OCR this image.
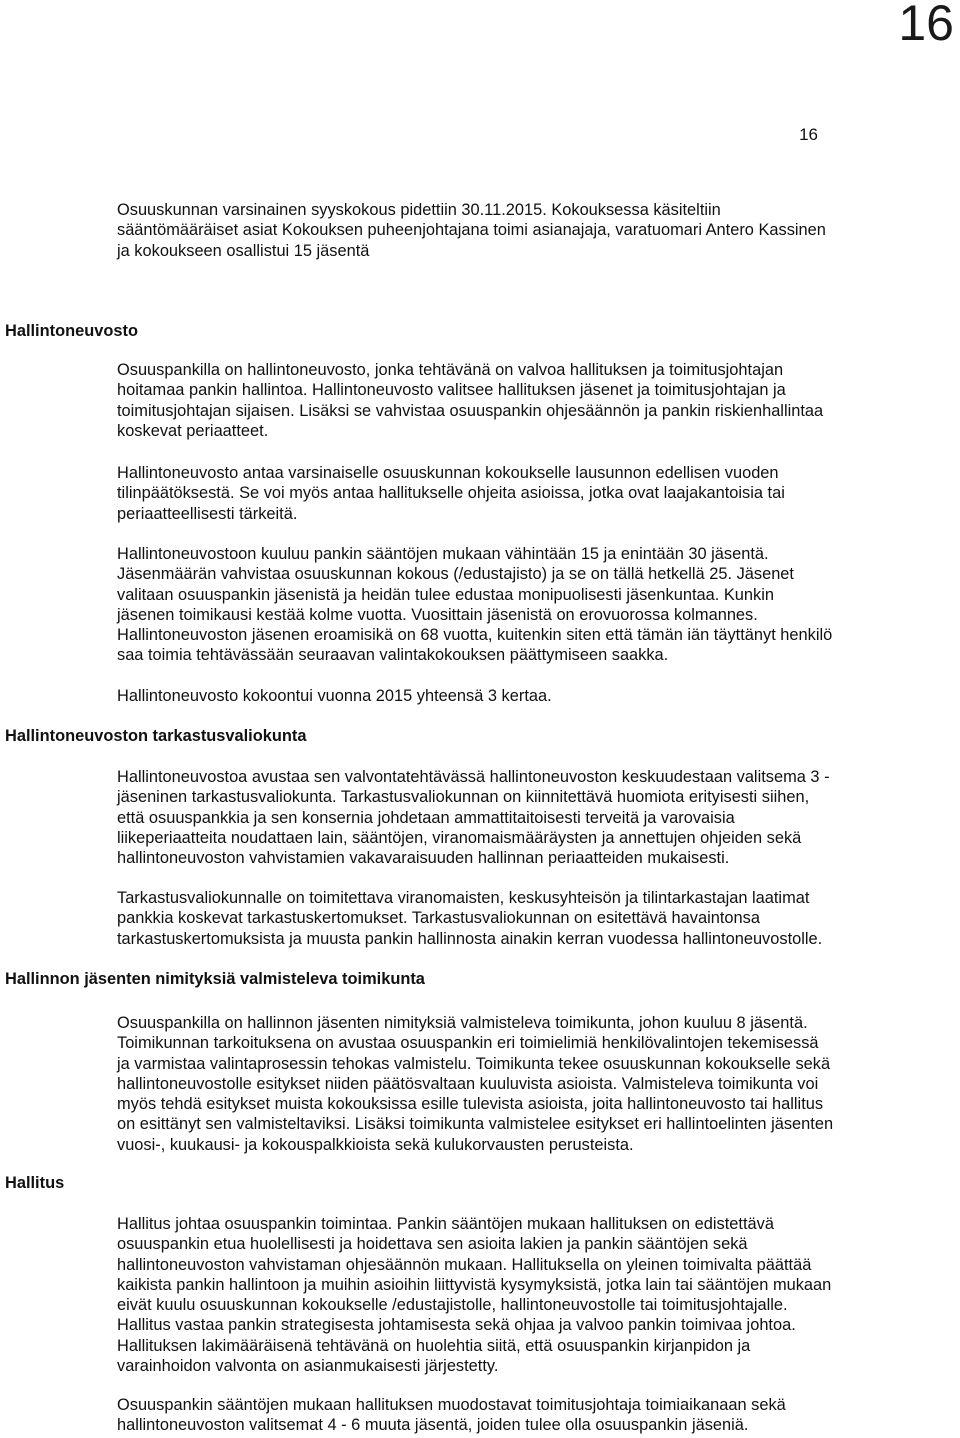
16
16

Osuuskunnan varsinainen syyskokous pidettiin 30.11.2015. Kokouksessa käsiteltiin

sääntömääräiset asiat Kokouksen puheenjohtajana toimi asianajaja, varatuomari Antero Kassinen

ja kokoukseen osallistui 15 jäsentä

Hallintoneuvosto

Osuuspankilla on hallintoneuvosto, jonka tehtävänä on valvoa hallituksen ja toimitusjohtajan

hoitamaa pankin hallintoa. Hallintoneuvosto valitsee hallituksen jäsenet ja toimitusjohtajan ja

toimitusjohtajan sijaisen. Lisäksi se vahvistaa osuuspankin ohjesäännön ja pankin riskienhallintaa

koskevat periaatteet.

Hallintoneuvosto antaa varsinaiselle osuuskunnan kokoukselle lausunnon edellisen vuoden

tilinpäätöksestä. Se voi myös antaa hallitukselle ohjeita asioissa, jotka ovat laajakantoisia tai

periaatteellisesti tärkeitä.

Hallintoneuvostoon kuuluu pankin sääntöjen mukaan vähintään 15 ja enintään 30 jäsentä.

Jäsenmäärän vahvistaa osuuskunnan kokous (/edustajisto) ja se on tällä hetkellä 25. Jäsenet

valitaan osuuspankin jäsenistä ja heidän tulee edustaa monipuolisesti jäsenkuntaa. Kunkin

jäsenen toimikausi kestää kolme vuotta. Vuosittain jäsenistä on erovuorossa kolmannes.

Hallintoneuvoston jäsenen eroamisikä on 68 vuotta, kuitenkin siten että tämän iän täyttänyt henkilö

saa toimia tehtävässään seuraavan valintakokouksen päättymiseen saakka.

Hallintoneuvosto kokoontui vuonna 2015 yhteensä 3 kertaa.

Hallintoneuvoston tarkastusvaliokunta

Hallintoneuvostoa avustaa sen valvontatehtävässä hallintoneuvoston keskuudestaan valitsema 3 -

jäseninen tarkastusvaliokunta. Tarkastusvaliokunnan on kiinnitettävä huomiota erityisesti siihen,

että osuuspankkia ja sen konsernia johdetaan ammattitaitoisesti terveitä ja varovaisia

liikeperiaatteita noudattaen lain, sääntöjen, viranomaismääräysten ja annettujen ohjeiden sekä

hallintoneuvoston vahvistamien vakavaraisuuden hallinnan periaatteiden mukaisesti.

Tarkastusvaliokunnalle on toimitettava viranomaisten, keskusyhteisön ja tilintarkastajan laatimat

pankkia koskevat tarkastuskertomukset. Tarkastusvaliokunnan on esitettävä havaintonsa

tarkastuskertomuksista ja muusta pankin hallinnosta ainakin kerran vuodessa hallintoneuvostolle.

Hallinnon jäsenten nimityksiä valmisteleva toimikunta

Osuuspankilla on hallinnon jäsenten nimityksiä valmisteleva toimikunta, johon kuuluu 8 jäsentä.

Toimikunnan tarkoituksena on avustaa osuuspankin eri toimielimiä henkilövalintojen tekemisessä

ja varmistaa valintaprosessin tehokas valmistelu. Toimikunta tekee osuuskunnan kokoukselle sekä

hallintoneuvostolle esitykset niiden päätösvaltaan kuuluvista asioista. Valmisteleva toimikunta voi

myös tehdä esitykset muista kokouksissa esille tulevista asioista, joita hallintoneuvosto tai hallitus

on esittänyt sen valmisteltaviksi. Lisäksi toimikunta valmistelee esitykset eri hallintoelinten jäsenten

vuosi-, kuukausi- ja kokouspalkkioista sekä kulukorvausten perusteista.

Hallitus

Hallitus johtaa osuuspankin toimintaa. Pankin sääntöjen mukaan hallituksen on edistettävä

osuuspankin etua huolellisesti ja hoidettava sen asioita lakien ja pankin sääntöjen sekä

hallintoneuvoston vahvistaman ohjesäännön mukaan. Hallituksella on yleinen toimivalta päättää

kaikista pankin hallintoon ja muihin asioihin liittyvistä kysymyksistä, jotka lain tai sääntöjen mukaan

eivät kuulu osuuskunnan kokoukselle /edustajistolle, hallintoneuvostolle tai toimitusjohtajalle.

Hallitus vastaa pankin strategisesta johtamisesta sekä ohjaa ja valvoo pankin toimivaa johtoa.

Hallituksen lakimääräisenä tehtävänä on huolehtia siitä, että osuuspankin kirjanpidon ja

varainhoidon valvonta on asianmukaisesti järjestetty.

Osuuspankin sääntöjen mukaan hallituksen muodostavat toimitusjohtaja toimiaikanaan sekä

hallintoneuvoston valitsemat 4 - 6 muuta jäsentä, joiden tulee olla osuuspankin jäseniä.
